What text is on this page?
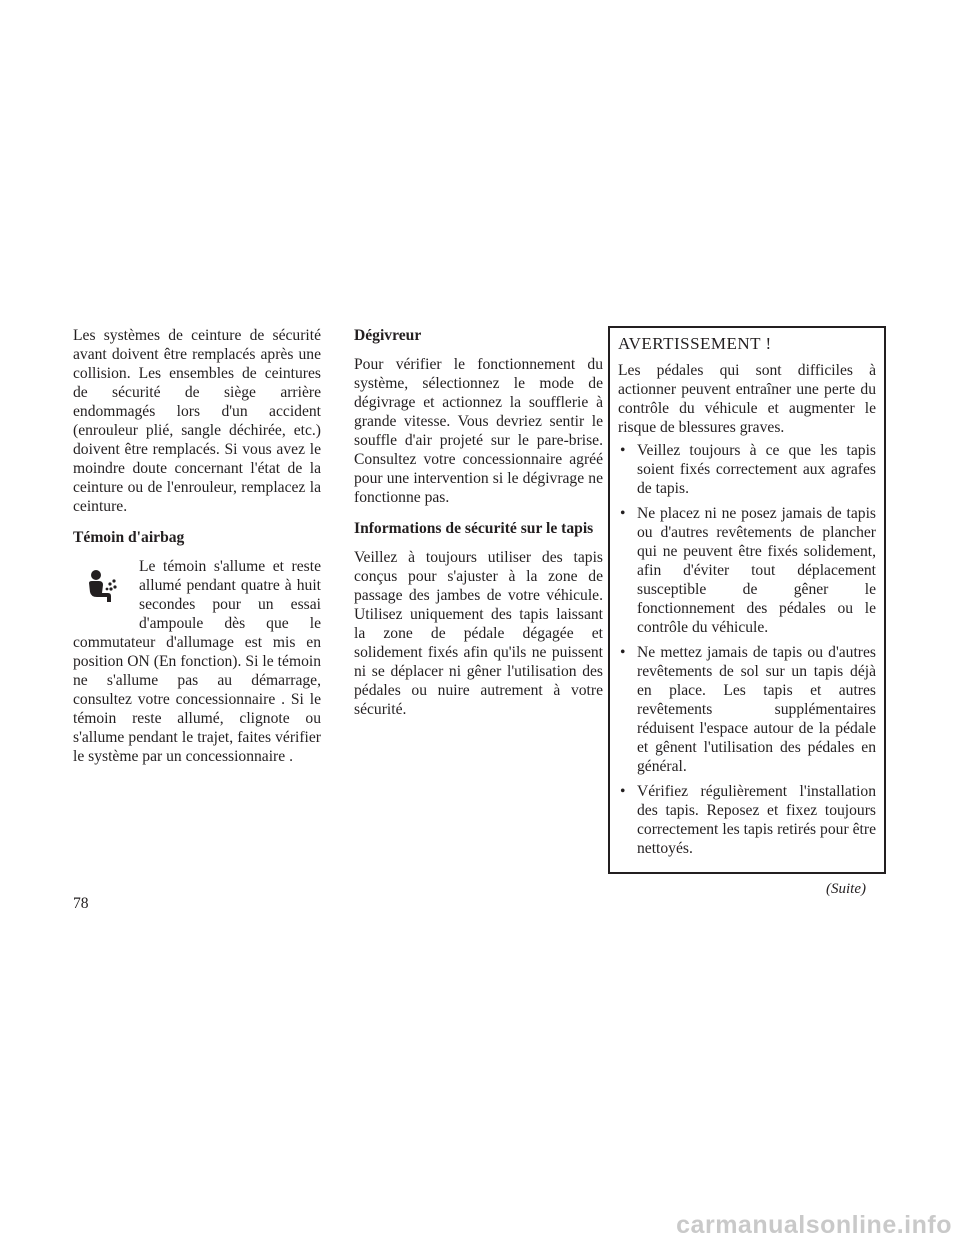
Les systèmes de ceinture de sécurité avant doivent être remplacés après une collision. Les ensembles de ceintures de sécurité de siège arrière endommagés lors d'un accident (enrouleur plié, sangle déchirée, etc.) doivent être remplacés. Si vous avez le moindre doute concernant l'état de la ceinture ou de l'enrouleur, remplacez la ceinture.

Témoin d'airbag

Le témoin s'allume et reste allumé pendant quatre à huit secondes pour un essai d'ampoule dès que le commutateur d'allumage est mis en position ON (En fonction). Si le témoin ne s'allume pas au démarrage, consultez votre concessionnaire . Si le témoin reste allumé, clignote ou s'allume pendant le trajet, faites vérifier le système par un concessionnaire .

Dégivreur

Pour vérifier le fonctionnement du système, sélectionnez le mode de dégivrage et actionnez la soufflerie à grande vitesse. Vous devriez sentir le souffle d'air projeté sur le pare-brise. Consultez votre concessionnaire agréé pour une intervention si le dégivrage ne fonctionne pas.

Informations de sécurité sur le tapis

Veillez à toujours utiliser des tapis conçus pour s'ajuster à la zone de passage des jambes de votre véhicule. Utilisez uniquement des tapis laissant la zone de pédale dégagée et solidement fixés afin qu'ils ne puissent ni se déplacer ni gêner l'utilisation des pédales ou nuire autrement à votre sécurité.

AVERTISSEMENT !

Les pédales qui sont difficiles à actionner peuvent entraîner une perte du contrôle du véhicule et augmenter le risque de blessures graves.

• Veillez toujours à ce que les tapis soient fixés correctement aux agrafes de tapis.
• Ne placez ni ne posez jamais de tapis ou d'autres revêtements de plancher qui ne peuvent être fixés solidement, afin d'éviter tout déplacement susceptible de gêner le fonctionnement des pédales ou le contrôle du véhicule.
• Ne mettez jamais de tapis ou d'autres revêtements de sol sur un tapis déjà en place. Les tapis et autres revêtements supplémentaires réduisent l'espace autour de la pédale et gênent l'utilisation des pédales en général.
• Vérifiez régulièrement l'installation des tapis. Reposez et fixez toujours correctement les tapis retirés pour être nettoyés.
(Suite)
78
carmanualsonline.info
